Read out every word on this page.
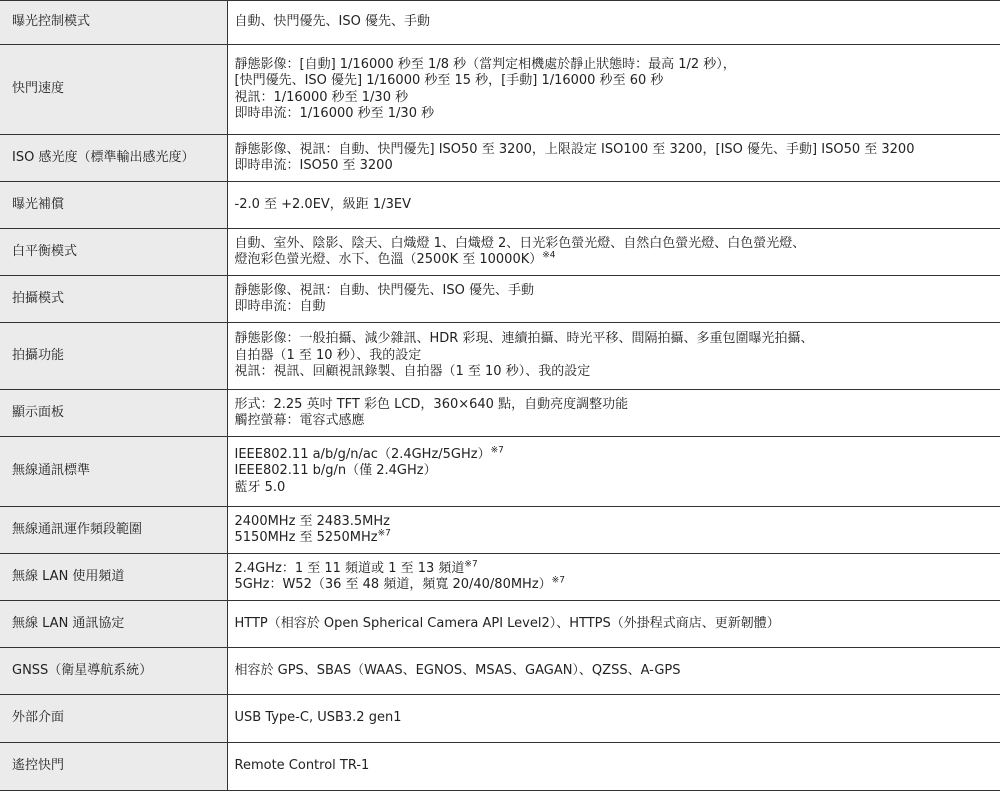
曝光控制模式	自動、快門優先、ISO 優先、手動

快門速度	靜態影像：[自動] 1/16000 秒至 1/8 秒（當判定相機處於靜止狀態時：最高 1/2 秒），
[快門優先、ISO 優先] 1/16000 秒至 15 秒，[手動] 1/16000 秒至 60 秒
視訊：1/16000 秒至 1/30 秒
即時串流：1/16000 秒至 1/30 秒

ISO 感光度（標準輸出感光度）	靜態影像、視訊：自動、快門優先] ISO50 至 3200，上限設定 ISO100 至 3200，[ISO 優先、手動] ISO50 至 3200
即時串流：ISO50 至 3200

曝光補償	-2.0 至 +2.0EV，級距 1/3EV

白平衡模式	自動、室外、陰影、陰天、白熾燈 1、白熾燈 2、日光彩色螢光燈、自然白色螢光燈、白色螢光燈、
燈泡彩色螢光燈、水下、色溫（2500K 至 10000K）$^{※4}$

拍攝模式	靜態影像、視訊：自動、快門優先、ISO 優先、手動
即時串流：自動

拍攝功能	靜態影像：一般拍攝、減少雜訊、HDR 彩現、連續拍攝、時光平移、間隔拍攝、多重包圍曝光拍攝、
自拍器（1 至 10 秒）、我的設定
視訊：視訊、回顧視訊錄製、自拍器（1 至 10 秒）、我的設定

顯示面板	形式：2.25 英吋 TFT 彩色 LCD，360×640 點，自動亮度調整功能
觸控螢幕：電容式感應

無線通訊標準	IEEE802.11 a/b/g/n/ac（2.4GHz/5GHz）$^{※7}$
IEEE802.11 b/g/n（僅 2.4GHz）
藍牙 5.0

無線通訊運作頻段範圍	2400MHz 至 2483.5MHz
5150MHz 至 5250MHz$^{※7}$

無線 LAN 使用頻道	2.4GHz：1 至 11 頻道或 1 至 13 頻道$^{※7}$
5GHz：W52（36 至 48 頻道，頻寬 20/40/80MHz）$^{※7}$

無線 LAN 通訊協定	HTTP（相容於 Open Spherical Camera API Level2）、HTTPS（外掛程式商店、更新韌體）

GNSS（衛星導航系統）	相容於 GPS、SBAS（WAAS、EGNOS、MSAS、GAGAN）、QZSS、A-GPS

外部介面	USB Type-C, USB3.2 gen1

遙控快門	Remote Control TR-1
